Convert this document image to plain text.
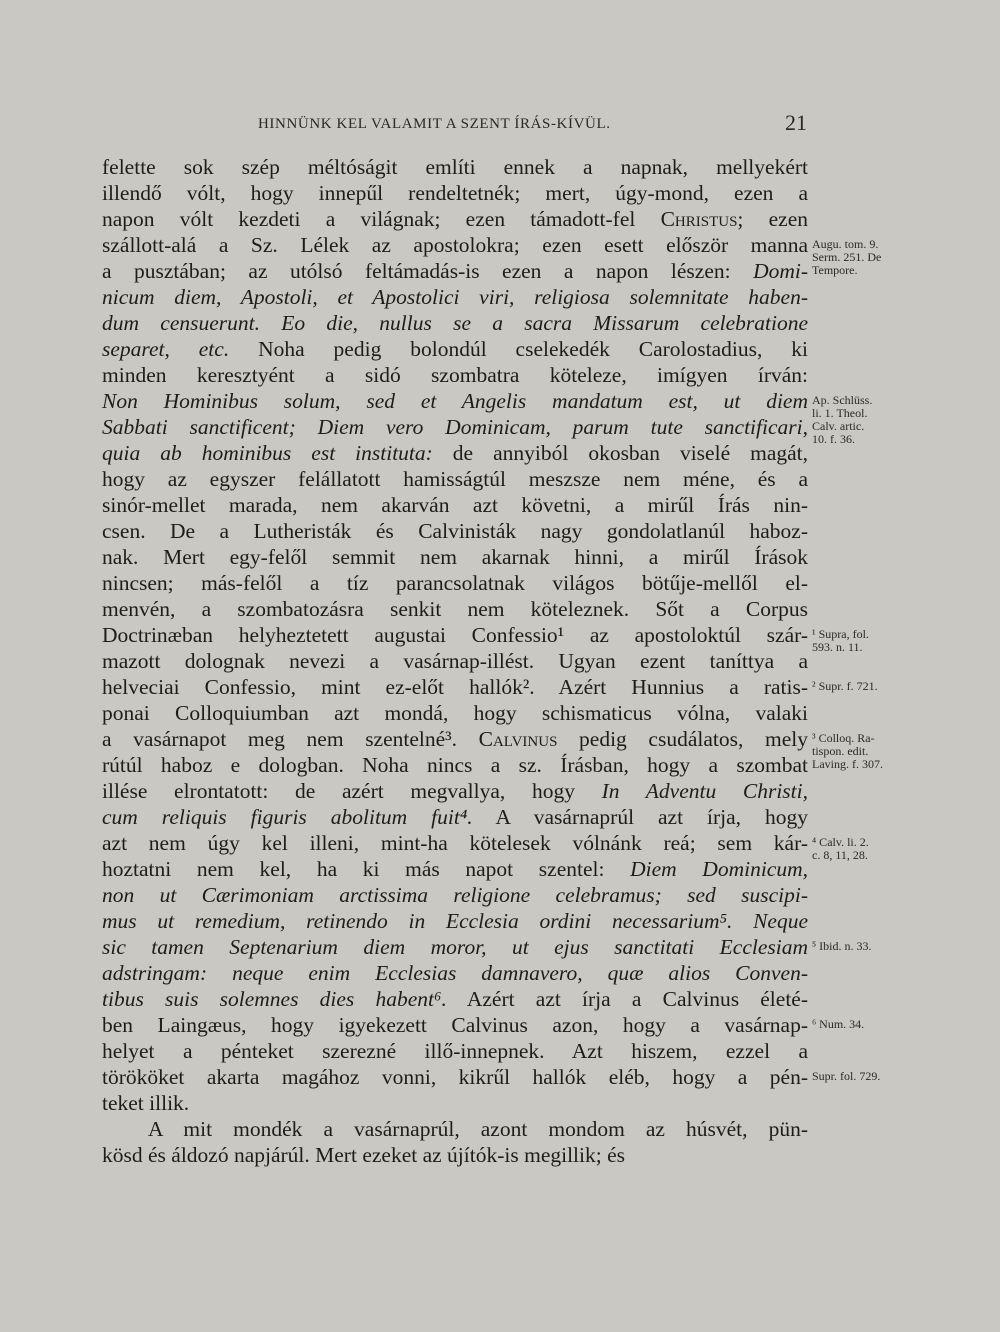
HINNÜNK KEL VALAMIT A SZENT ÍRÁS-KÍVÜL.	21
felette sok szép méltóságit említi ennek a napnak, mellyekért
illendő vólt, hogy innepűl rendeltetnék; mert, úgy-mond, ezen a
napon vólt kezdeti a világnak; ezen támadott-fel Christus; ezen
szállott-alá a Sz. Lélek az apostolokra; ezen esett először manna
a pusztában; az utólsó feltámadás-is ezen a napon lészen: Domi-
nicum diem, Apostoli, et Apostolici viri, religiosa solemnitate haben-
dum censuerunt. Eo die, nullus se a sacra Missarum celebratione
separet, etc. Noha pedig bolondúl cselekedék Carolostadius, ki
minden keresztyént a sidó szombatra köteleze, imígyen írván:
Non Hominibus solum, sed et Angelis mandatum est, ut diem
Sabbati sanctificent; Diem vero Dominicam, parum tute sanctificari,
quia ab hominibus est instituta: de annyiból okosban viselé magát,
hogy az egyszer felállatott hamisságtúl meszsze nem méne, és a
sinór-mellet marada, nem akarván azt követni, a mirűl Írás nin-
csen. De a Lutheristák és Calvinisták nagy gondolatlanúl haboz-
nak. Mert egy-felől semmit nem akarnak hinni, a mirűl Írások
nincsen; más-felől a tíz parancsolatnak világos bötűje-mellől el-
menvén, a szombatozásra senkit nem köteleznek. Sőt a Corpus
Doctrinæban helyheztetett augustai Confessio¹ az apostoloktúl szár-
mazott dolognak nevezi a vasárnap-illést. Ugyan ezent taníttya a
helveciai Confessio, mint ez-előt hallók². Azért Hunnius a ratis-
ponai Colloquiumban azt mondá, hogy schismaticus vólna, valaki
a vasárnapot meg nem szentelné³. Calvinus pedig csudálatos, mely
rútúl haboz e dologban. Noha nincs a sz. Írásban, hogy a szombat
illése elrontatott: de azért megvallya, hogy In Adventu Christi,
cum reliquis figuris abolitum fuit⁴. A vasárnaprúl azt írja, hogy
azt nem úgy kel illeni, mint-ha kötelesek vólnánk reá; sem kár-
hoztatni nem kel, ha ki más napot szentel: Diem Dominicum,
non ut Cærimoniam arctissima religione celebramus; sed suscipi-
mus ut remedium, retinendo in Ecclesia ordini necessarium⁵. Neque
sic tamen Septenarium diem moror, ut ejus sanctitati Ecclesiam
adstringam: neque enim Ecclesias damnavero, quæ alios Conven-
tibus suis solemnes dies habent⁶. Azért azt írja a Calvinus életé-
ben Laingæus, hogy igyekezett Calvinus azon, hogy a vasárnap-
helyet a pénteket szerezné illő-innepnek. Azt hiszem, ezzel a
törököket akarta magához vonni, kikrűl hallók eléb, hogy a pén-
teket illik.
A mit mondék a vasárnaprúl, azont mondom az húsvét, pün-
kösd és áldozó napjárúl. Mert ezeket az újítók-is megillik; és
Augu. tom. 9.
Serm. 251. De
Tempore.
Ap. Schlüss.
li. 1. Theol.
Calv. artic.
10. f. 36.
¹ Supra, fol.
593. n. 11.
² Supr. f. 721.
³ Colloq. Ra-
tispon. edit.
Laving. f. 307.
⁴ Calv. li. 2.
c. 8, 11, 28.
⁵ Ibid. n. 33.
⁶ Num. 34.
Supr. fol. 729.
